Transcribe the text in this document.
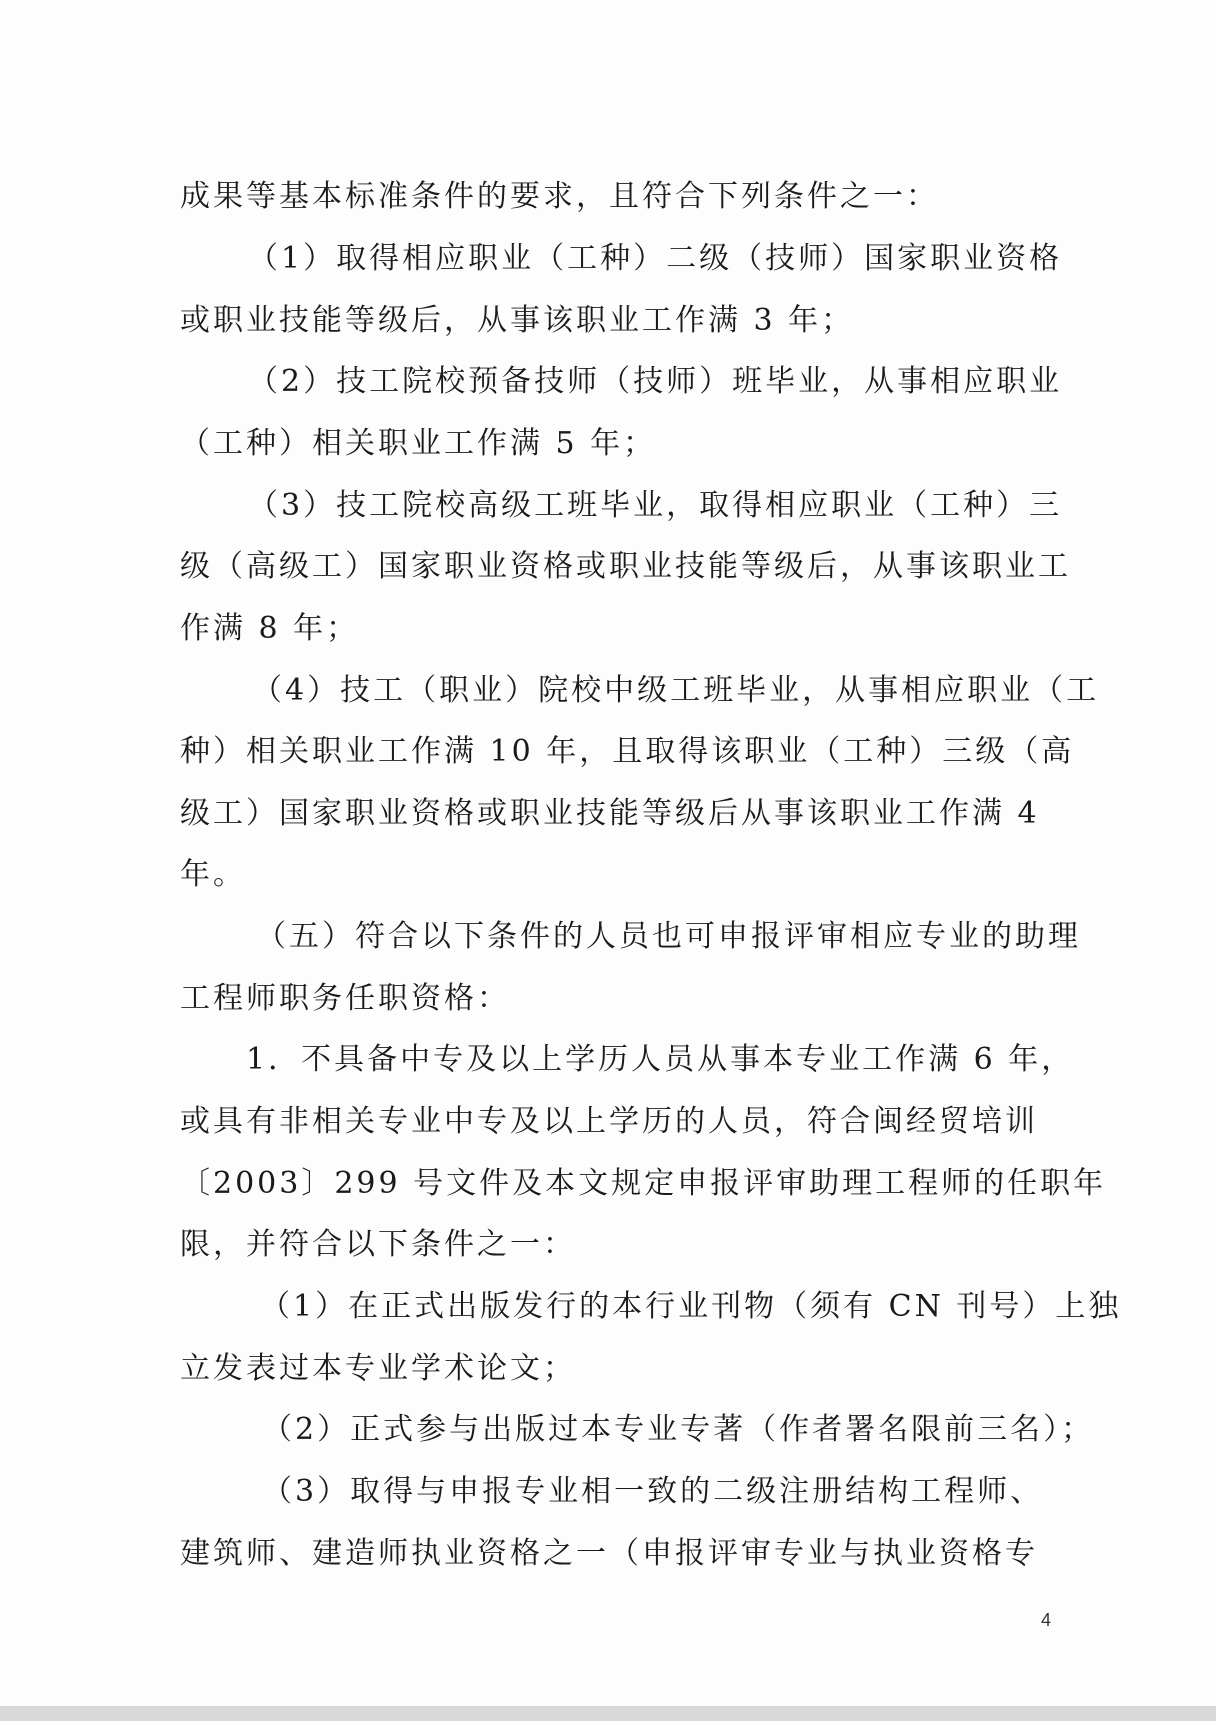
成果等基本标准条件的要求，且符合下列条件之一：
（1）取得相应职业（工种）二级（技师）国家职业资格
或职业技能等级后，从事该职业工作满 3 年；
（2）技工院校预备技师（技师）班毕业，从事相应职业
（工种）相关职业工作满 5 年；
（3）技工院校高级工班毕业，取得相应职业（工种）三
级（高级工）国家职业资格或职业技能等级后，从事该职业工
作满 8 年；
（4）技工（职业）院校中级工班毕业，从事相应职业（工
种）相关职业工作满 10 年，且取得该职业（工种）三级（高
级工）国家职业资格或职业技能等级后从事该职业工作满 4
年。
（五）符合以下条件的人员也可申报评审相应专业的助理
工程师职务任职资格：
1．不具备中专及以上学历人员从事本专业工作满 6 年，
或具有非相关专业中专及以上学历的人员，符合闽经贸培训
〔2003〕299 号文件及本文规定申报评审助理工程师的任职年
限，并符合以下条件之一：
（1）在正式出版发行的本行业刊物（须有 CN 刊号）上独
立发表过本专业学术论文；
（2）正式参与出版过本专业专著（作者署名限前三名）；
（3）取得与申报专业相一致的二级注册结构工程师、
建筑师、建造师执业资格之一（申报评审专业与执业资格专
4
